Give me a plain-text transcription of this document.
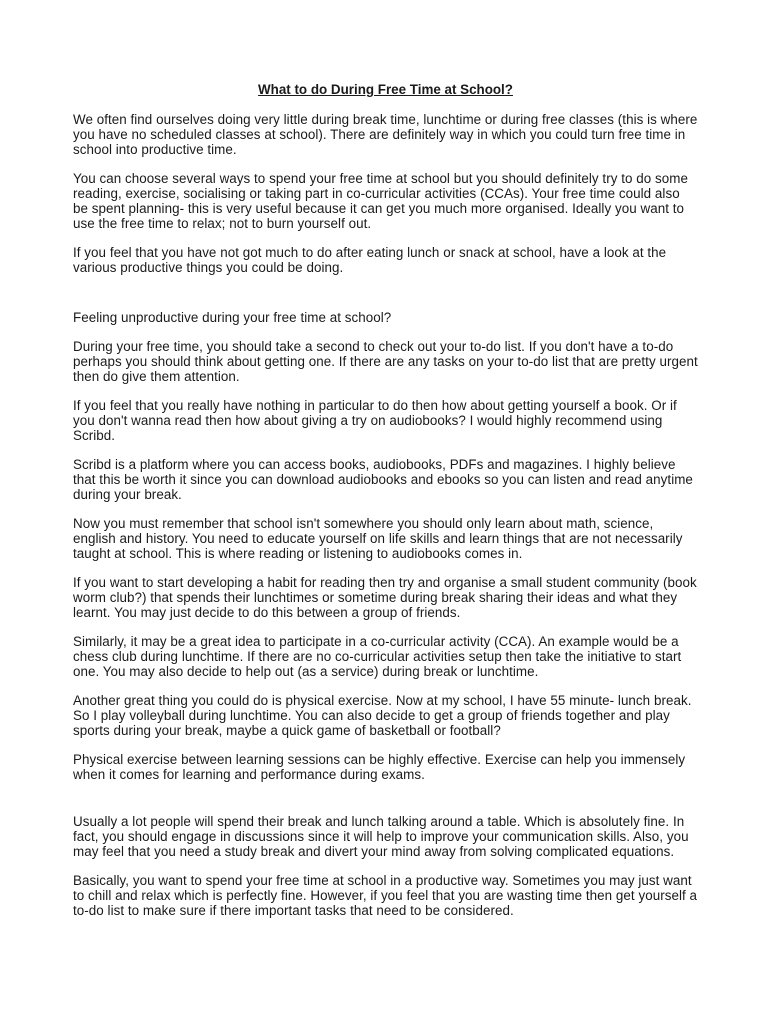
What to do During Free Time at School?

We often find ourselves doing very little during break time, lunchtime or during free classes (this is where you have no scheduled classes at school). There are definitely way in which you could turn free time in school into productive time.

You can choose several ways to spend your free time at school but you should definitely try to do some reading, exercise, socialising or taking part in co-curricular activities (CCAs). Your free time could also be spent planning- this is very useful because it can get you much more organised. Ideally you want to use the free time to relax; not to burn yourself out.

If you feel that you have not got much to do after eating lunch or snack at school, have a look at the various productive things you could be doing.

Feeling unproductive during your free time at school?

During your free time, you should take a second to check out your to-do list. If you don't have a to-do perhaps you should think about getting one. If there are any tasks on your to-do list that are pretty urgent then do give them attention.

If you feel that you really have nothing in particular to do then how about getting yourself a book. Or if you don't wanna read then how about giving a try on audiobooks? I would highly recommend using Scribd.

Scribd is a platform where you can access books, audiobooks, PDFs and magazines. I highly believe that this be worth it since you can download audiobooks and ebooks so you can listen and read anytime during your break.

Now you must remember that school isn't somewhere you should only learn about math, science, english and history. You need to educate yourself on life skills and learn things that are not necessarily taught at school. This is where reading or listening to audiobooks comes in.

If you want to start developing a habit for reading then try and organise a small student community (book worm club?) that spends their lunchtimes or sometime during break sharing their ideas and what they learnt. You may just decide to do this between a group of friends.

Similarly, it may be a great idea to participate in a co-curricular activity (CCA). An example would be a chess club during lunchtime. If there are no co-curricular activities setup then take the initiative to start one. You may also decide to help out (as a service) during break or lunchtime.

Another great thing you could do is physical exercise. Now at my school, I have 55 minute- lunch break. So I play volleyball during lunchtime. You can also decide to get a group of friends together and play sports during your break, maybe a quick game of basketball or football?

Physical exercise between learning sessions can be highly effective. Exercise can help you immensely when it comes for learning and performance during exams.

Usually a lot people will spend their break and lunch talking around a table. Which is absolutely fine. In fact, you should engage in discussions since it will help to improve your communication skills. Also, you may feel that you need a study break and divert your mind away from solving complicated equations.

Basically, you want to spend your free time at school in a productive way. Sometimes you may just want to chill and relax which is perfectly fine. However, if you feel that you are wasting time then get yourself a to-do list to make sure if there important tasks that need to be considered.
